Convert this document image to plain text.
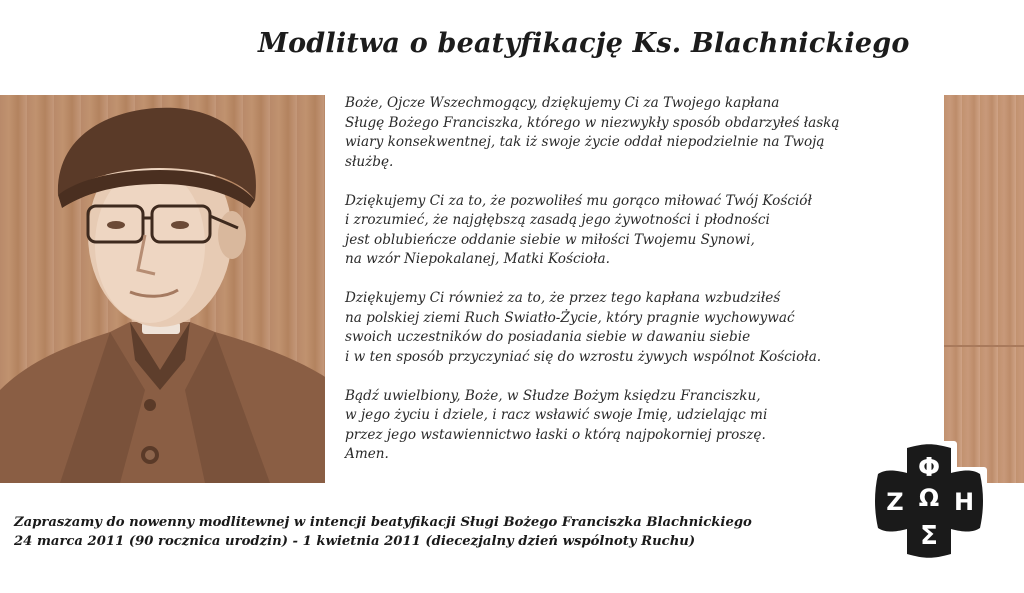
Modlitwa o beatyfikację Ks. Blachnickiego

Boże, Ojcze Wszechmogący, dziękujemy Ci za Twojego kapłana
Sługę Bożego Franciszka, którego w niezwykły sposób obdarzyłeś łaską
wiary konsekwentnej, tak iż swoje życie oddał niepodzielnie na Twoją
służbę.

Dziękujemy Ci za to, że pozwoliłeś mu gorąco miłować Twój Kościół
i zrozumieć, że najgłębszą zasadą jego żywotności i płodności
jest oblubieńcze oddanie siebie w miłości Twojemu Synowi,
na wzór Niepokalanej, Matki Kościoła.

Dziękujemy Ci również za to, że przez tego kapłana wzbudziłeś
na polskiej ziemi Ruch Swiatło-Życie, który pragnie wychowywać
swoich uczestników do posiadania siebie w dawaniu siebie
i w ten sposób przyczyniać się do wzrostu żywych wspólnot Kościoła.

Bądź uwielbiony, Boże, w Słudze Bożym księdzu Franciszku,
w jego życiu i dziele, i racz wsławić swoje Imię, udzielając mi
przez jego wstawiennictwo łaski o którą najpokorniej proszę.
Amen.

Zapraszamy do nowenny modlitewnej w intencji beatyfikacji Sługi Bożego Franciszka Blachnickiego
24 marca 2011 (90 rocznica urodzin) - 1 kwietnia 2011 (diecezjalny dzień wspólnoty Ruchu)
Φ
Ω
Ζ Η
Σ
